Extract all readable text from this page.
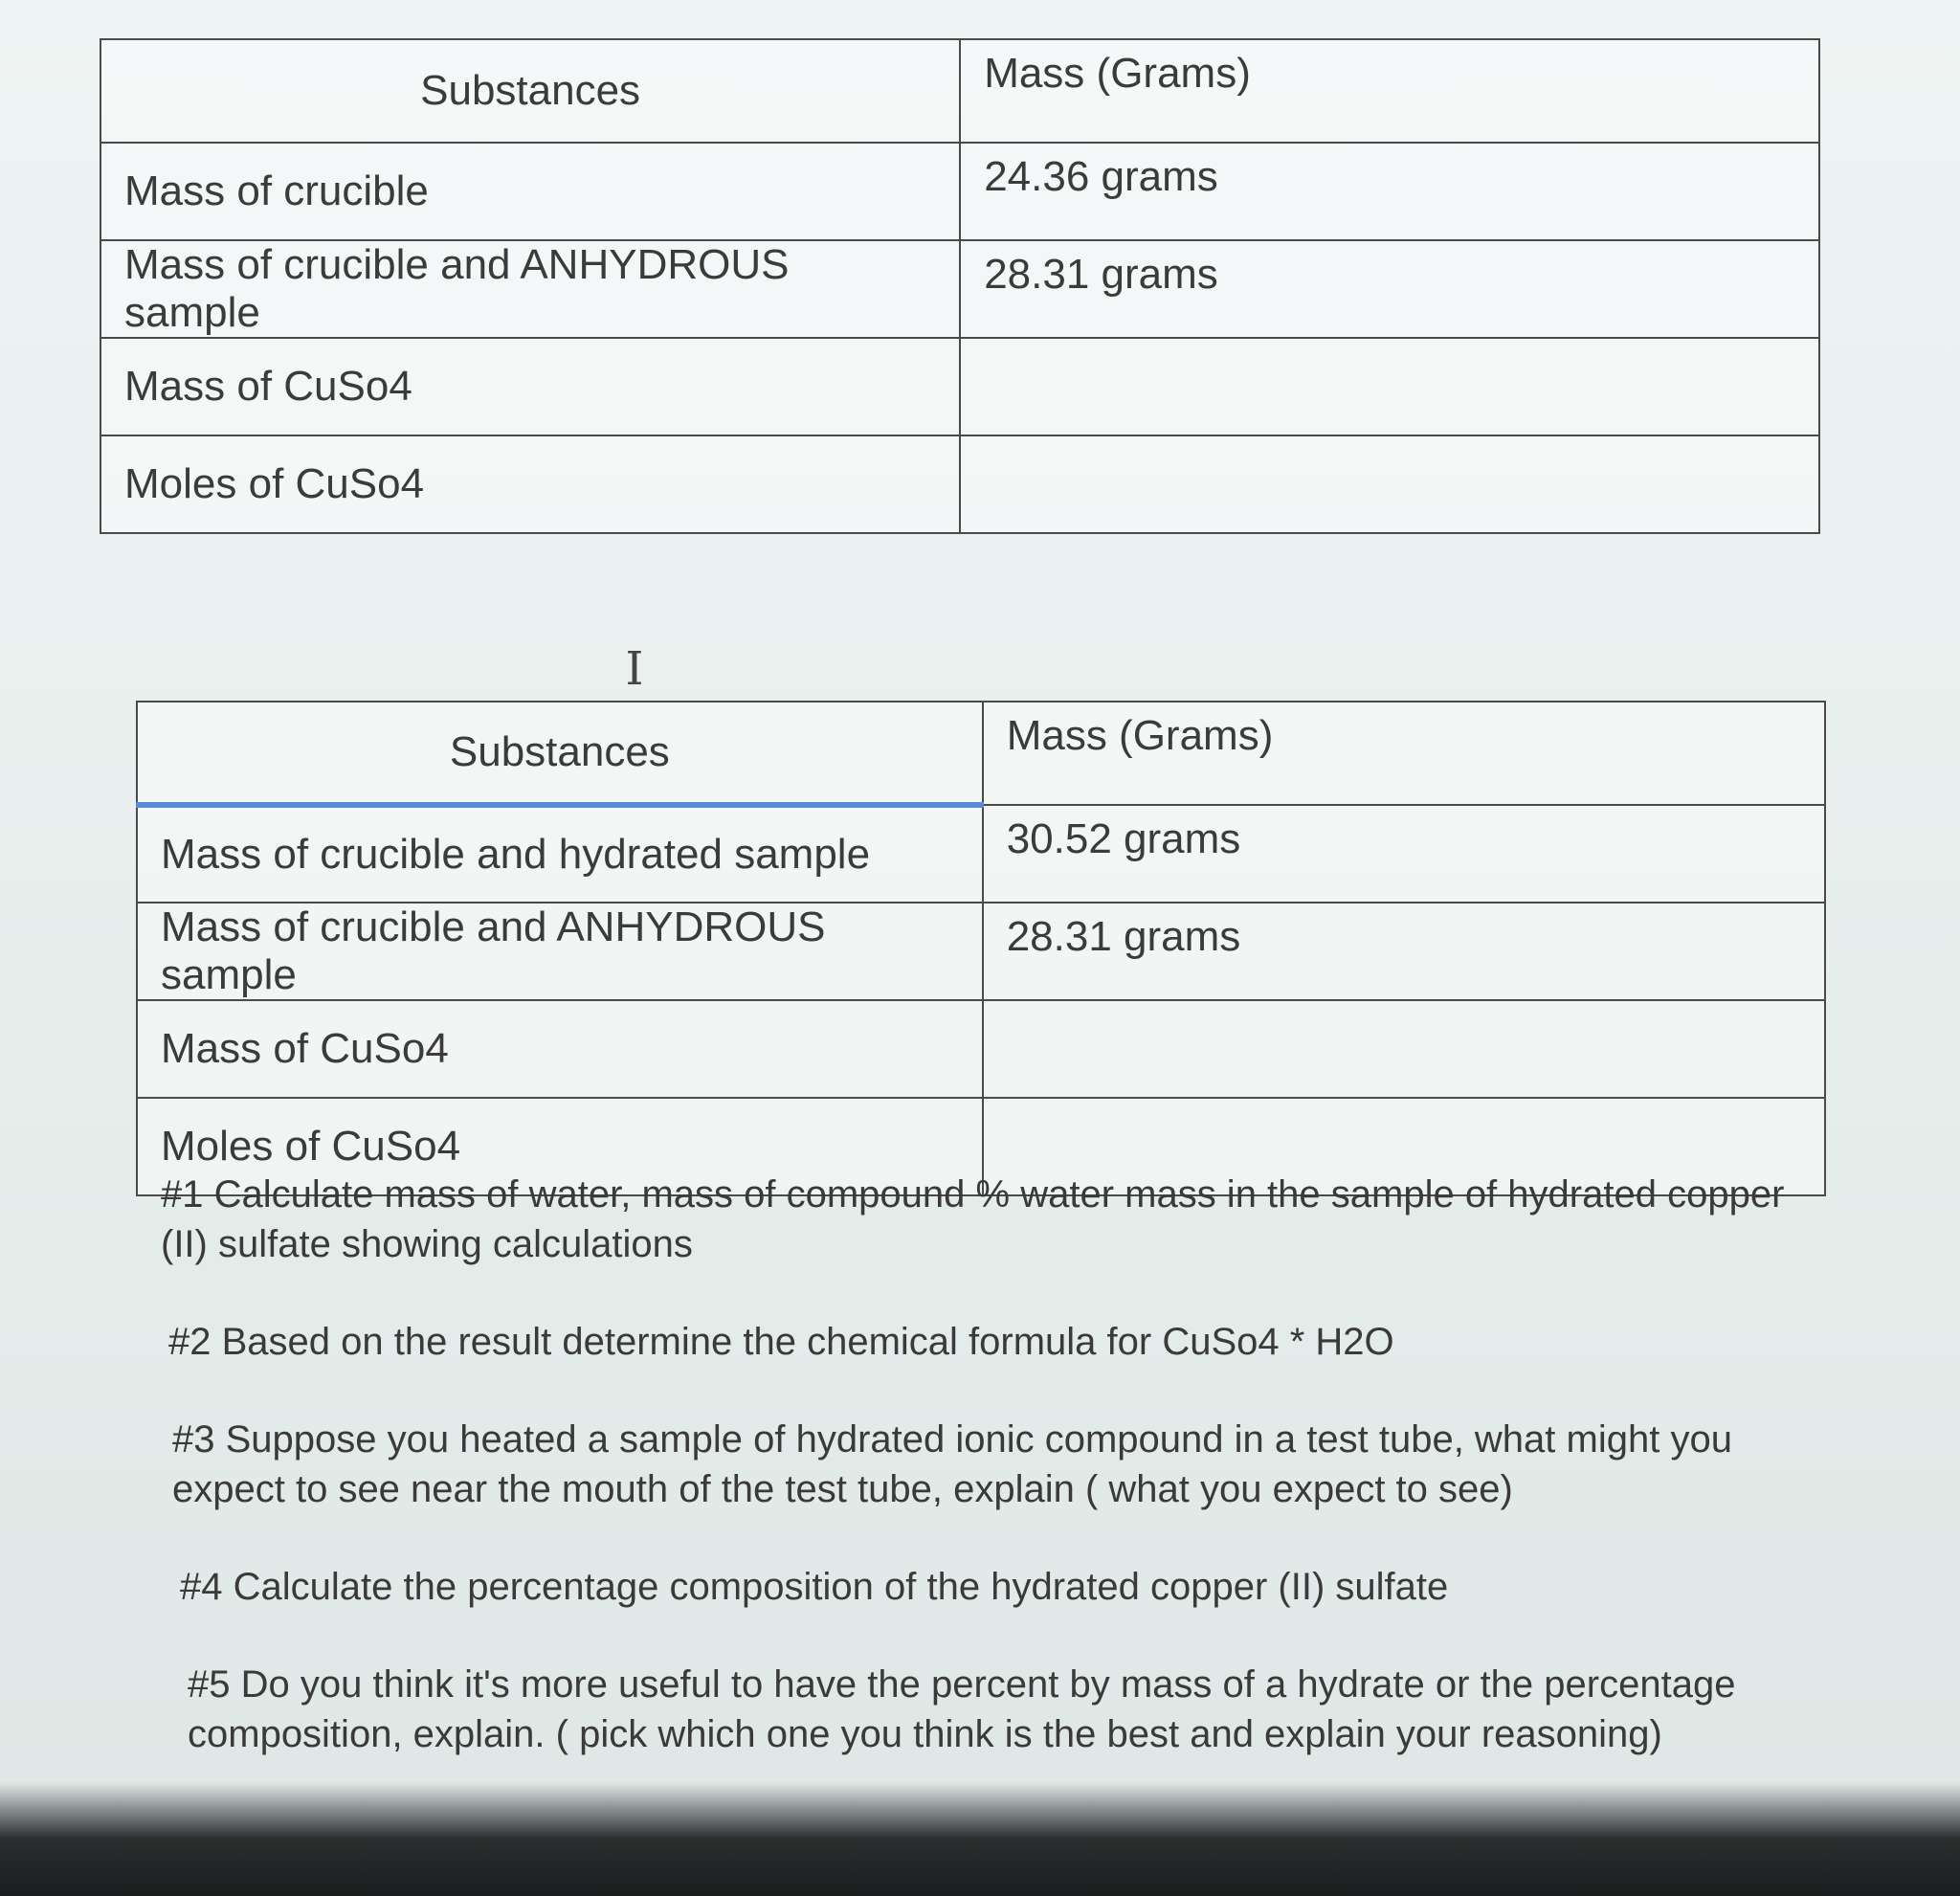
Substances	Mass (Grams)
Mass of crucible	24.36 grams
Mass of crucible and ANHYDROUS sample	28.31 grams
Mass of CuSo4	
Moles of CuSo4	
I
Substances	Mass (Grams)
Mass of crucible and hydrated sample	30.52 grams
Mass of crucible and ANHYDROUS sample	28.31 grams
Mass of CuSo4	
Moles of CuSo4	

#1 Calculate mass of water, mass of compound % water mass in the sample of hydrated copper (II) sulfate showing calculations

#2 Based on the result determine the chemical formula for CuSo4 * H2O

#3 Suppose you heated a sample of hydrated ionic compound in a test tube, what might you expect to see near the mouth of the test tube, explain ( what you expect to see)

#4 Calculate the percentage composition of the hydrated copper (II) sulfate

#5 Do you think it's more useful to have the percent by mass of a hydrate or the percentage composition, explain. ( pick which one you think is the best and explain your reasoning)
